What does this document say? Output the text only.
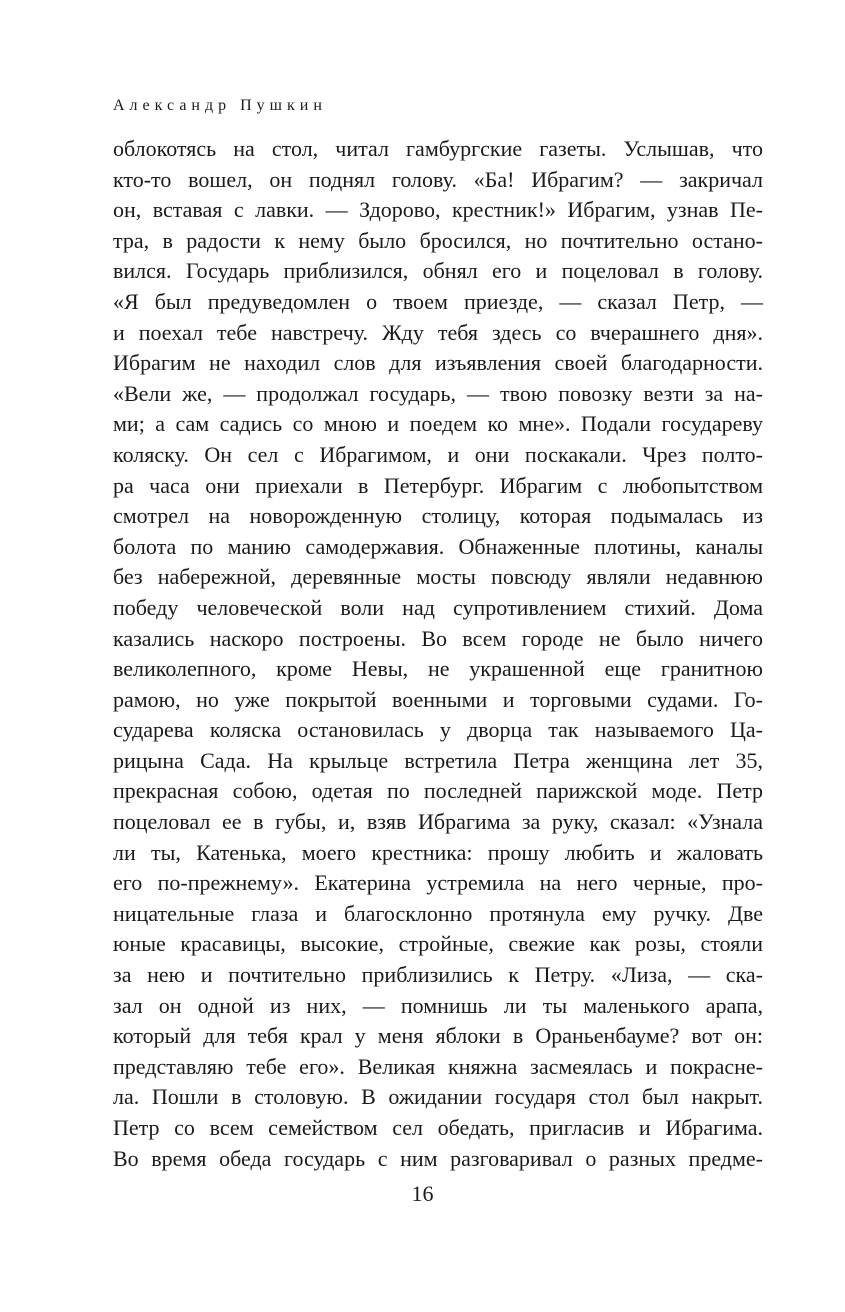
Александр Пушкин
облокотясь на стол, читал гамбургские газеты. Услышав, что
кто-то вошел, он поднял голову. «Ба! Ибрагим? — закричал
он, вставая с лавки. — Здорово, крестник!» Ибрагим, узнав Пе-
тра, в радости к нему было бросился, но почтительно остано-
вился. Государь приблизился, обнял его и поцеловал в голову.
«Я был предуведомлен о твоем приезде, — сказал Петр, —
и поехал тебе навстречу. Жду тебя здесь со вчерашнего дня».
Ибрагим не находил слов для изъявления своей благодарности.
«Вели же, — продолжал государь, — твою повозку везти за на-
ми; а сам садись со мною и поедем ко мне». Подали государеву
коляску. Он сел с Ибрагимом, и они поскакали. Чрез полто-
ра часа они приехали в Петербург. Ибрагим с любопытством
смотрел на новорожденную столицу, которая подымалась из
болота по манию самодержавия. Обнаженные плотины, каналы
без набережной, деревянные мосты повсюду являли недавнюю
победу человеческой воли над супротивлением стихий. Дома
казались наскоро построены. Во всем городе не было ничего
великолепного, кроме Невы, не украшенной еще гранитною
рамою, но уже покрытой военными и торговыми судами. Го-
сударева коляска остановилась у дворца так называемого Ца-
рицына Сада. На крыльце встретила Петра женщина лет 35,
прекрасная собою, одетая по последней парижской моде. Петр
поцеловал ее в губы, и, взяв Ибрагима за руку, сказал: «Узнала
ли ты, Катенька, моего крестника: прошу любить и жаловать
его по-прежнему». Екатерина устремила на него черные, про-
ницательные глаза и благосклонно протянула ему ручку. Две
юные красавицы, высокие, стройные, свежие как розы, стояли
за нею и почтительно приблизились к Петру. «Лиза, — ска-
зал он одной из них, — помнишь ли ты маленького арапа,
который для тебя крал у меня яблоки в Ораньенбауме? вот он:
представляю тебе его». Великая княжна засмеялась и покрасне-
ла. Пошли в столовую. В ожидании государя стол был накрыт.
Петр со всем семейством сел обедать, пригласив и Ибрагима.
Во время обеда государь с ним разговаривал о разных предме-
16
